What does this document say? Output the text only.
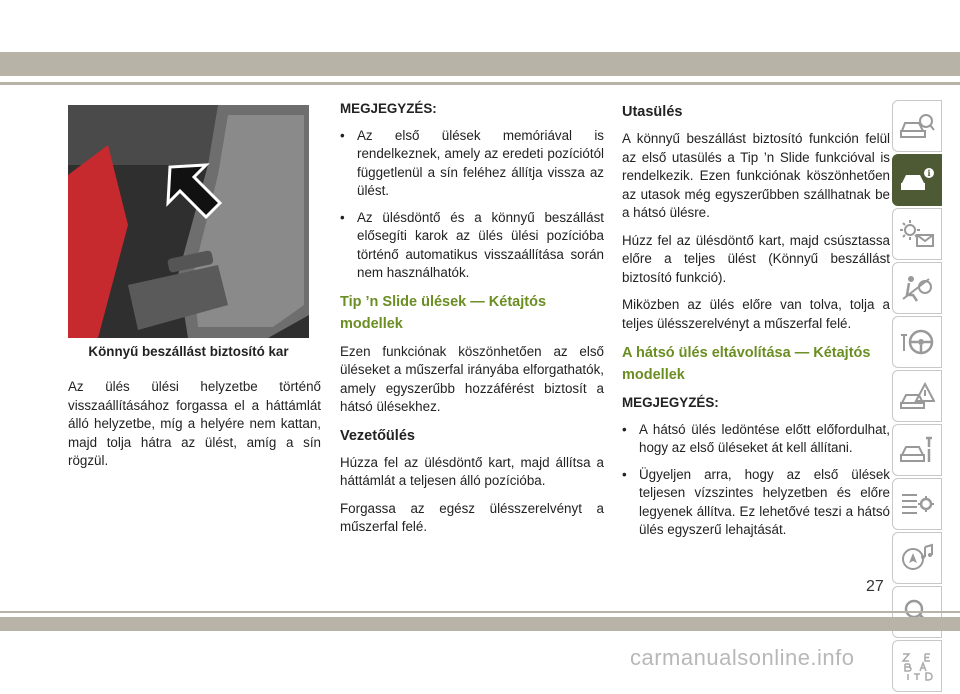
Könnyű beszállást biztosító kar

Az ülés ülési helyzetbe történő visszaállításához forgassa el a háttámlát álló helyzetbe, míg a helyére nem kattan, majd tolja hátra az ülést, amíg a sín rögzül.

MEGJEGYZÉS:
• Az első ülések memóriával is rendelkeznek, amely az eredeti pozíciótól függetlenül a sín feléhez állítja vissza az ülést.
• Az ülésdöntő és a könnyű beszállást elősegíti karok az ülés ülési pozícióba történő automatikus visszaállítása során nem használhatók.
Tip ’n Slide ülések — Kétajtós modellek

Ezen funkciónak köszönhetően az első üléseket a műszerfal irányába elforgathatók, amely egyszerűbb hozzáférést biztosít a hátsó ülésekhez.

Vezetőülés

Húzza fel az ülésdöntő kart, majd állítsa a háttámlát a teljesen álló pozícióba.

Forgassa az egész ülésszerelvényt a műszerfal felé.

Utasülés

A könnyű beszállást biztosító funkción felül az első utasülés a Tip ’n Slide funkcióval is rendelkezik. Ezen funkciónak köszönhetően az utasok még egyszerűbben szállhatnak be a hátsó ülésre.

Húzz fel az ülésdöntő kart, majd csúsztassa előre a teljes ülést (Könnyű beszállást biztosító funkció).

Miközben az ülés előre van tolva, tolja a teljes ülésszerelvényt a műszerfal felé.

A hátsó ülés eltávolítása — Kétajtós modellek
MEGJEGYZÉS:
• A hátsó ülés ledöntése előtt előfordulhat, hogy az első üléseket át kell állítani.
• Ügyeljen arra, hogy az első ülések teljesen vízszintes helyzetben és előre legyenek állítva. Ez lehetővé teszi a hátsó ülés egyszerű lehajtását.
i
27
carmanualsonline.info
